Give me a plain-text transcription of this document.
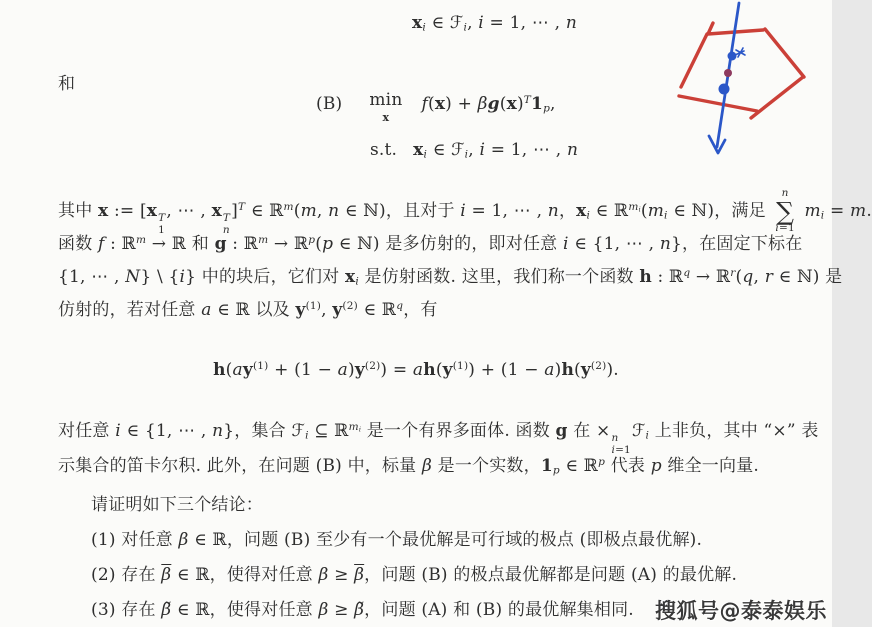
$x_i$ ∈ ℱ$_i$, i = 1, ⋯ , n
和
(B) min
x
$f(x) + \beta g(x)^T1_p$,
s.t. $x_i$ ∈ ℱ$_i$, i = 1, ⋯ , n
其中 x := [x T
1
, ⋯ , x T
n
]$^T$ ∈ ℝ$^m$(m, n ∈ ℕ)，且对于 i = 1, ⋯ , n，$x_i$ ∈ $ℝ^{m_i}(m_i$ ∈ ℕ)，满足
n
∑
i=1
$m_i = m$.
函数 f : ℝ$^m$ → ℝ 和 g : ℝ$^m$ → ℝ$^p$(p ∈ ℕ) 是多仿射的，即对任意 i ∈ {1, ⋯ , n}，在固定下标在
{1, ⋯ , N} \ {i} 中的块后，它们对 $x_i$ 是仿射函数. 这里，我们称一个函数 h : ℝ$^q$ → ℝ$^r$(q, r ∈ ℕ) 是
仿射的，若对任意 a ∈ ℝ 以及 $y^{(1)}$, $y^{(2)}$ ∈ ℝ$^q$，有
$h(ay^{(1)} + (1 - a)y^{(2)}) = ah(y^{(1)}) + (1 - a)h(y^{(2)})$.
对任意 i ∈ {1, ⋯ , n}，集合 ℱ$_i$ ⊆ ℝ$^{m_i}$ 是一个有界多面体. 函数 g 在 × n
i=1
ℱ$_i$ 上非负，其中 “×” 表
示集合的笛卡尔积. 此外，在问题 (B) 中，标量 β 是一个实数，$1_p$ ∈ ℝ$^p$ 代表 p 维全一向量.
请证明如下三个结论：
(1) 对任意 β ∈ ℝ，问题 (B) 至少有一个最优解是可行域的极点 (即极点最优解).
(2) 存在 $\overline{\beta}$ ∈ ℝ，使得对任意 $\beta \ge \overline{\beta}$，问题 (B) 的极点最优解都是问题 (A) 的最优解.
(3) 存在 β̃ ∈ ℝ，使得对任意 β ≥ β̃，问题 (A) 和 (B) 的最优解集相同. 搜狐号@泰泰娱乐
